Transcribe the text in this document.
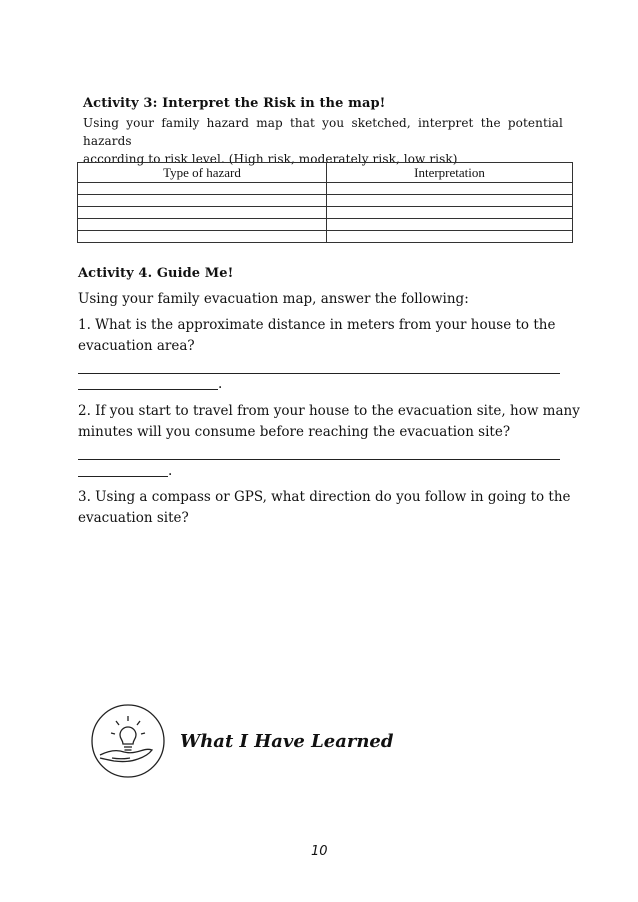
Activity 3: Interpret the Risk in the map!
Using your family hazard map that you sketched, interpret the potential hazards
according to risk level. (High risk, moderately risk, low risk)
Type of hazard	Interpretation

Activity 4. Guide Me!
Using your family evacuation map, answer the following:
1. What is the approximate distance in meters from your house to the
evacuation area?
.
2. If you start to travel from your house to the evacuation site, how many
minutes will you consume before reaching the evacuation site?
.
3. Using a compass or GPS, what direction do you follow in going to the
evacuation site?
What I Have Learned
10
